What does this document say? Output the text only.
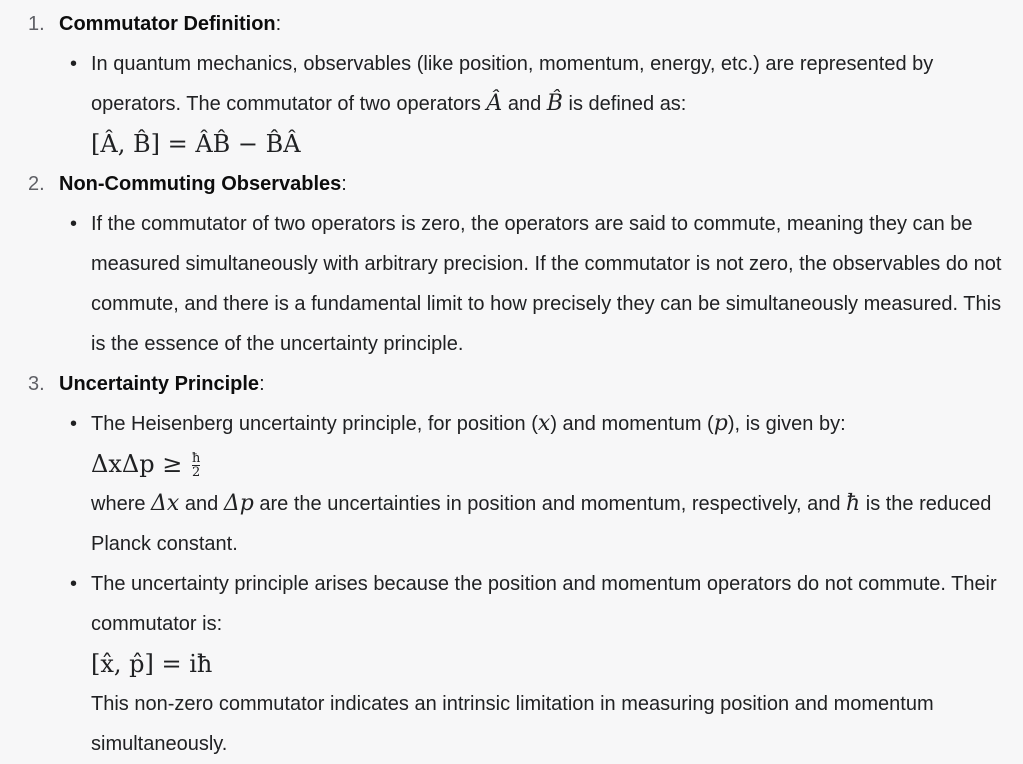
1. Commutator Definition:
• In quantum mechanics, observables (like position, momentum, energy, etc.) are represented by operators. The commutator of two operators Â and B̂ is defined as:
[Â, B̂] = ÂB̂ − B̂Â
2. Non-Commuting Observables:
• If the commutator of two operators is zero, the operators are said to commute, meaning they can be measured simultaneously with arbitrary precision. If the commutator is not zero, the observables do not commute, and there is a fundamental limit to how precisely they can be simultaneously measured. This is the essence of the uncertainty principle.
3. Uncertainty Principle:
• The Heisenberg uncertainty principle, for position (x) and momentum (p), is given by:
$\Delta x\Delta p \ge \frac{ħ}{2}$
where Δx and Δp are the uncertainties in position and momentum, respectively, and ħ is the reduced Planck constant.
• The uncertainty principle arises because the position and momentum operators do not commute. Their commutator is:
[x̂, p̂] = iħ
This non-zero commutator indicates an intrinsic limitation in measuring position and momentum simultaneously.
